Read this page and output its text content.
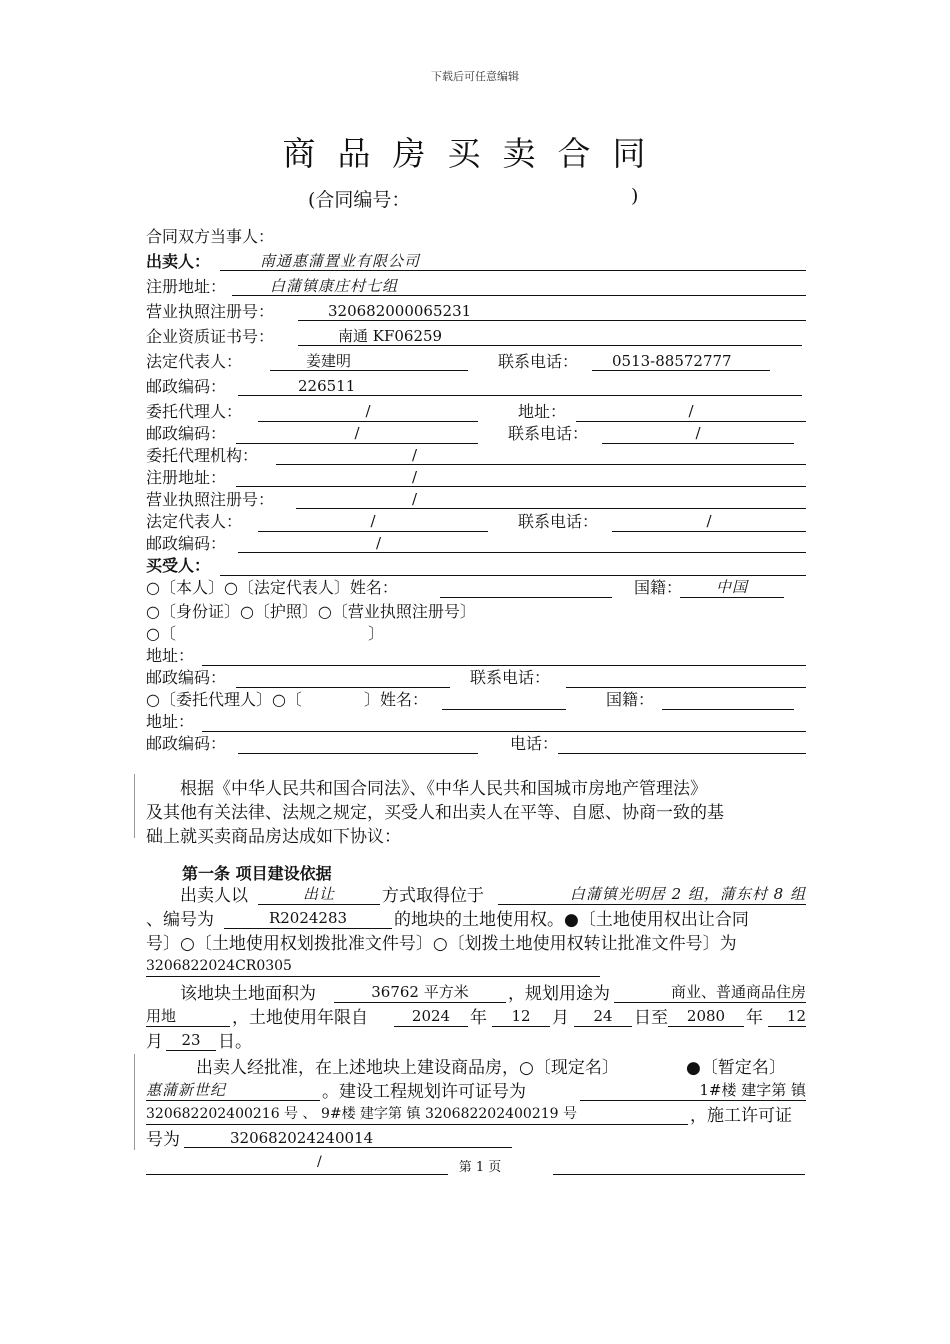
下载后可任意编辑
商品房买卖合同
(合同编号：	)
合同双方当事人：
出卖人：	南通惠蒲置业有限公司
注册地址：	白蒲镇康庄村七组
营业执照注册号：	320682000065231
企业资质证书号：	南通 KF06259
法定代表人：	姜建明	联系电话：	0513-88572777
邮政编码：	226511
委托代理人：	/	地址：	/
邮政编码：	/	联系电话：	/
委托代理机构：	/
注册地址：	/
营业执照注册号：	/
法定代表人：	/	联系电话：	/
邮政编码：	/
买受人：
○〔本人〕○〔法定代表人〕姓名：	国籍：	中国
○〔身份证〕○〔护照〕○〔营业执照注册号〕
○〔	〕
地址：
邮政编码：	联系电话：
○〔委托代理人〕○〔	〕姓名：	国籍：
地址：
邮政编码：	电话：
根据《中华人民共和国合同法》、《中华人民共和国城市房地产管理法》
及其他有关法律、法规之规定，买受人和出卖人在平等、自愿、协商一致的基
础上就买卖商品房达成如下协议：
第一条 项目建设依据
出卖人以	出让	方式取得位于	白蒲镇光明居 2 组，蒲东村 8 组
、编号为	R2024283	的地块的土地使用权。●〔土地使用权出让合同
号〕○〔土地使用权划拨批准文件号〕○〔划拨土地使用权转让批准文件号〕为
3206822024CR0305
该地块土地面积为	36762 平方米	，规划用途为	商业、普通商品住房
用地	，土地使用年限自	2024	年	12	月	24	日至	2080	年	12
月	23	日。
出卖人经批准，在上述地块上建设商品房，○〔现定名〕	●〔暂定名〕
惠蒲新世纪	。建设工程规划许可证号为	1#楼 建字第 镇
320682202400216 号 、 9#楼 建字第 镇 320682202400219 号	，施工许可证
号为	320682024240014
/	第 1 页
